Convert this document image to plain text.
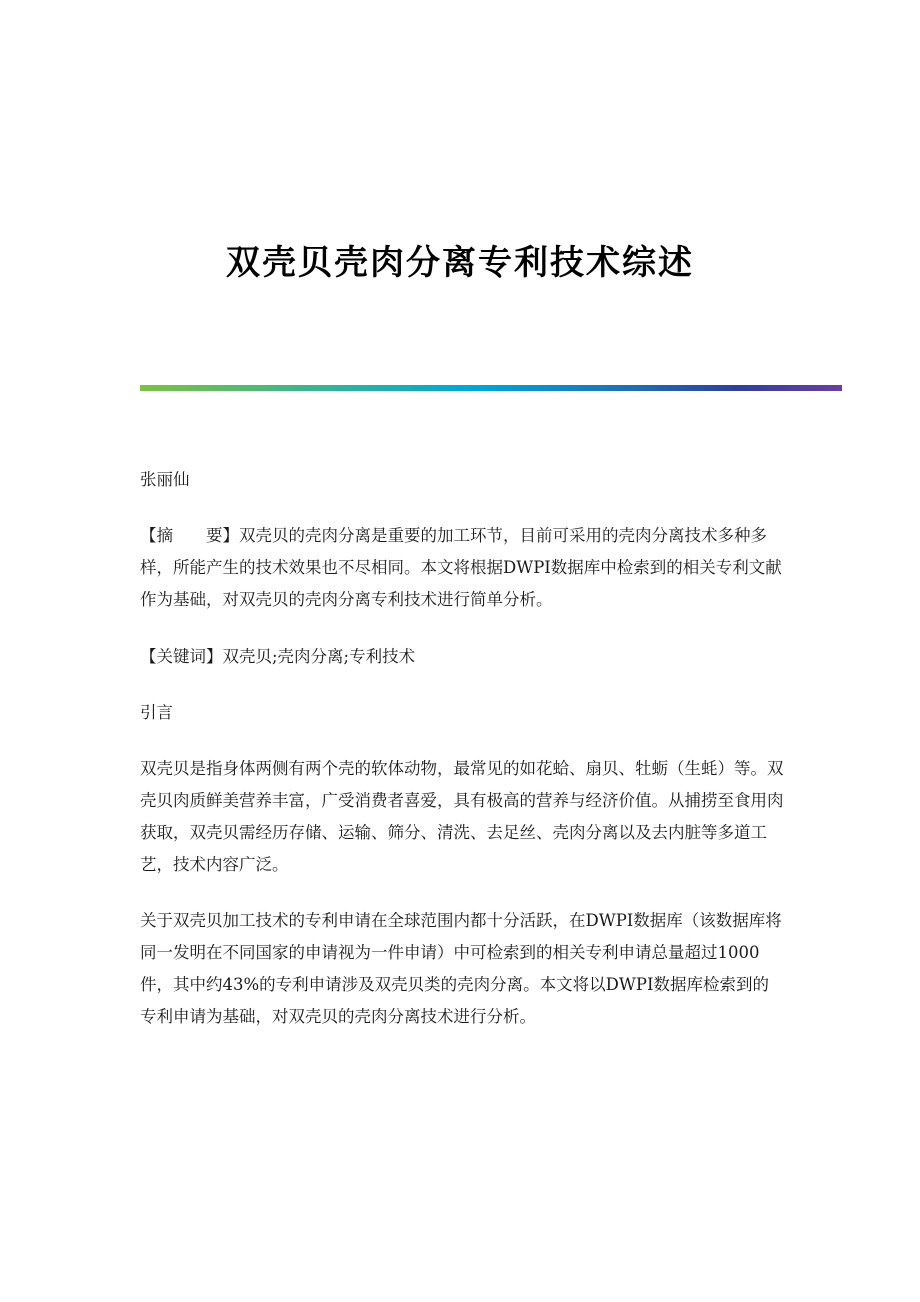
双壳贝壳肉分离专利技术综述

张丽仙

【摘　　要】双壳贝的壳肉分离是重要的加工环节，目前可采用的壳肉分离技术多种多样，所能产生的技术效果也不尽相同。本文将根据DWPI数据库中检索到的相关专利文献作为基础，对双壳贝的壳肉分离专利技术进行简单分析。

【关键词】双壳贝;壳肉分离;专利技术

引言

双壳贝是指身体两侧有两个壳的软体动物，最常见的如花蛤、扇贝、牡蛎（生蚝）等。双壳贝肉质鲜美营养丰富，广受消费者喜爱，具有极高的营养与经济价值。从捕捞至食用肉获取，双壳贝需经历存储、运输、筛分、清洗、去足丝、壳肉分离以及去内脏等多道工艺，技术内容广泛。

关于双壳贝加工技术的专利申请在全球范围内都十分活跃，在DWPI数据库（该数据库将同一发明在不同国家的申请视为一件申请）中可检索到的相关专利申请总量超过1000件，其中约43%的专利申请涉及双壳贝类的壳肉分离。本文将以DWPI数据库检索到的专利申请为基础，对双壳贝的壳肉分离技术进行分析。
